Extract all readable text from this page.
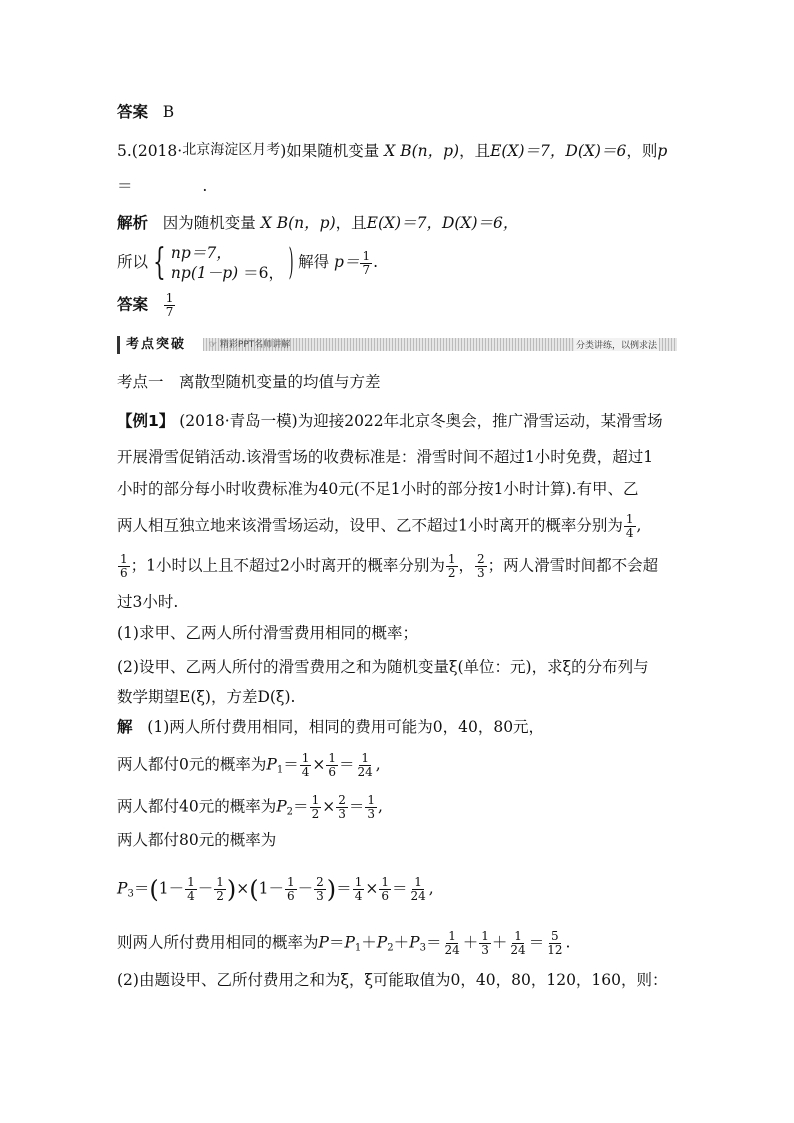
答案 B
5.(2018·北京海淀区月考)如果随机变量 X B(n，p)，且E(X)＝7，D(X)＝6，则p
＝	.
解析 因为随机变量 X B(n，p)，且E(X)＝7，D(X)＝6，
所以 { np＝7，
np(1－p) ＝6， ) 解得 $p= \frac{1}{7}$ .
答案 $\frac{1}{7}$
考点突破	☞ 精彩PPT名师讲解	分类讲练，以例求法
考点一　离散型随机变量的均值与方差
【例1】 (2018·青岛一模)为迎接2022年北京冬奥会，推广滑雪运动，某滑雪场
开展滑雪促销活动.该滑雪场的收费标准是：滑雪时间不超过1小时免费，超过1
小时的部分每小时收费标准为40元(不足1小时的部分按1小时计算).有甲、乙
两人相互独立地来该滑雪场运动，设甲、乙不超过1小时离开的概率分别为 $\frac{1}{4}$ ,
$\frac{1}{6}$ ；1小时以上且不超过2小时离开的概率分别为 $\frac{1}{2}$ ， $\frac{2}{3}$ ；两人滑雪时间都不会超
过3小时.
(1)求甲、乙两人所付滑雪费用相同的概率；
(2)设甲、乙两人所付的滑雪费用之和为随机变量ξ(单位：元)，求ξ的分布列与
数学期望E(ξ)，方差D(ξ).
解 (1)两人所付费用相同，相同的费用可能为0，40，80元，
两人都付0元的概率为$P_1= \frac{1}{4} \times \frac{1}{6} = \frac{1}{24}$ ,
两人都付40元的概率为$P_2= \frac{1}{2} \times \frac{2}{3} = \frac{1}{3}$ ,
两人都付80元的概率为
$P_3=(1- \frac{1}{4} - \frac{1}{2} )\times(1- \frac{1}{6} - \frac{2}{3}$ )＝ $\frac{1}{4} \times \frac{1}{6} = \frac{1}{24}$ ,
则两人所付费用相同的概率为$P=P_1+P_2+P_3= \frac{1}{24} + \frac{1}{3} + \frac{1}{24} = \frac{5}{12}$ .
(2)由题设甲、乙所付费用之和为ξ，ξ可能取值为0，40，80，120，160，则：
